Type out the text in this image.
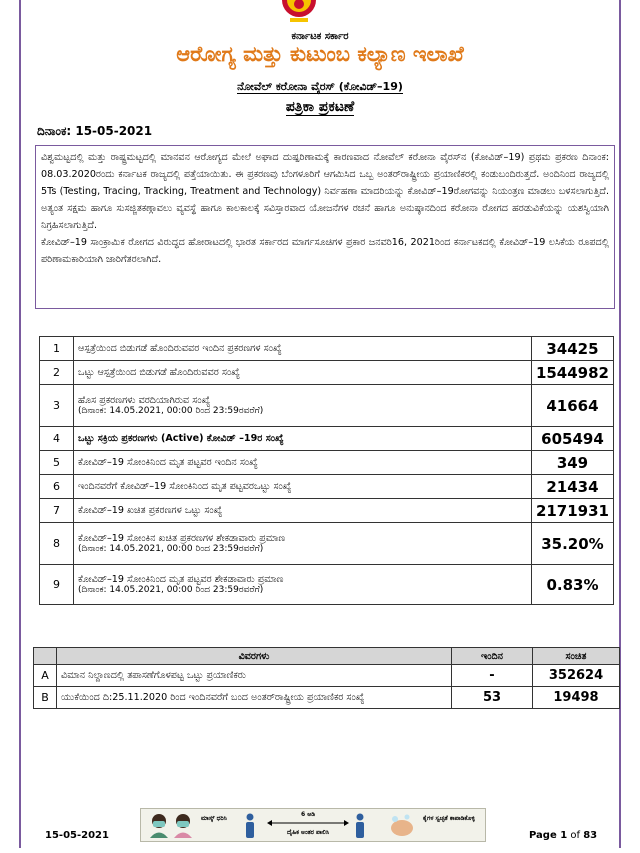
ಕರ್ನಾಟಕ ಸರ್ಕಾರ
ಆರೋಗ್ಯ ಮತ್ತು ಕುಟುಂಬ ಕಲ್ಯಾಣ ಇಲಾಖೆ
ನೋವೆಲ್ ಕರೋನಾ ವೈರಸ್ (ಕೋವಿಡ್–19)
ಪತ್ರಿಕಾ ಪ್ರಕಟಣೆ
ದಿನಾಂಕ: 15-05-2021

ವಿಶ್ವಮಟ್ಟದಲ್ಲಿ ಮತ್ತು ರಾಷ್ಟ್ರಮಟ್ಟದಲ್ಲಿ ಮಾನವನ ಆರೋಗ್ಯದ ಮೇಲೆ ಅಘಾದ ದುಷ್ಪರಿಣಾಮಕ್ಕೆ ಕಾರಣವಾದ ನೋವೆಲ್ ಕರೋನಾ ವೈರಸ್‌ನ (ಕೋವಿಡ್–19) ಪ್ರಥಮ ಪ್ರಕರಣ ದಿನಾಂಕ: 08.03.2020ರಂದು ಕರ್ನಾಟಕ ರಾಜ್ಯದಲ್ಲಿ ಪತ್ತೆಯಾಯಿತು. ಈ ಪ್ರಕರಣವು ಬೆಂಗಳೂರಿಗೆ ಆಗಮಿಸಿದ ಒಬ್ಬ ಅಂತರ್‌ರಾಷ್ಟ್ರೀಯ ಪ್ರಯಾಣಿಕರಲ್ಲಿ ಕಂಡುಬಂದಿರುತ್ತದೆ. ಅಂದಿನಿಂದ ರಾಜ್ಯದಲ್ಲಿ 5Ts (Testing, Tracing, Tracking, Treatment and Technology) ನಿರ್ವಹಣಾ ಮಾದರಿಯನ್ನು ಕೋವಿಡ್–19ರೋಗವನ್ನು ನಿಯಂತ್ರಣ ಮಾಡಲು ಬಳಸಲಾಗುತ್ತಿದೆ. ಅತ್ಯಂತ ಸಕ್ಷಮ ಹಾಗೂ ಸುಸಜ್ಜಿತಕಣ್ಗಾವಲು ವ್ಯವಸ್ಥೆ ಹಾಗೂ ಕಾಲಕಾಲಕ್ಕೆ ಸವಿಸ್ತಾರವಾದ ಯೋಜನೆಗಳ ರಚನೆ ಹಾಗೂ ಅನುಷ್ಠಾನದಿಂದ ಕರೋನಾ ರೋಗದ ಹರಡುವಿಕೆಯನ್ನು ಯಶಸ್ವಿಯಾಗಿ ನಿಗ್ರಹಿಸಲಾಗುತ್ತಿದೆ.

ಕೋವಿಡ್–19 ಸಾಂಕ್ರಾಮಿಕ ರೋಗದ ವಿರುದ್ಧದ ಹೋರಾಟದಲ್ಲಿ ಭಾರತ ಸರ್ಕಾರದ ಮಾರ್ಗಸೂಚಿಗಳ ಪ್ರಕಾರ ಜನವರಿ16, 2021ರಿಂದ ಕರ್ನಾಟಕದಲ್ಲಿ ಕೋವಿಡ್–19 ಲಸಿಕೆಯ ರೂಪದಲ್ಲಿ ಪರಿಣಾಮಕಾರಿಯಾಗಿ ಜಾರಿಗೆತರಲಾಗಿದೆ.

1	ಆಸ್ಪತ್ರೆಯಿಂದ ಬಿಡುಗಡೆ ಹೊಂದಿರುವವರ ಇಂದಿನ ಪ್ರಕರಣಗಳ ಸಂಖ್ಯೆ	34425
2	ಒಟ್ಟು ಆಸ್ಪತ್ರೆಯಿಂದ ಬಿಡುಗಡೆ ಹೊಂದಿರುವವರ ಸಂಖ್ಯೆ	1544982
3	ಹೊಸ ಪ್ರಕರಣಗಳು ವರದಿಯಾಗಿರುವ ಸಂಖ್ಯೆ
(ದಿನಾಂಕ: 14.05.2021, 00:00 ರಿಂದ 23:59ರವರೆಗೆ)	41664
4	ಒಟ್ಟು ಸಕ್ರಿಯ ಪ್ರಕರಣಗಳು (Active) ಕೋವಿಡ್ –19ರ ಸಂಖ್ಯೆ	605494
5	ಕೋವಿಡ್–19 ಸೋಂಕಿನಿಂದ ಮೃತ ಪಟ್ಟವರ ಇಂದಿನ ಸಂಖ್ಯೆ	349
6	ಇಂದಿನವರೆಗೆ ಕೋವಿಡ್–19 ಸೋಂಕಿನಿಂದ ಮೃತ ಪಟ್ಟವರಒಟ್ಟು ಸಂಖ್ಯೆ	21434
7	ಕೋವಿಡ್–19 ಖಚಿತ ಪ್ರಕರಣಗಳ ಒಟ್ಟು ಸಂಖ್ಯೆ	2171931
8	ಕೋವಿಡ್–19 ಸೋಂಕಿನ ಖಚಿತ ಪ್ರಕರಣಗಳ ಶೇಕಡಾವಾರು ಪ್ರಮಾಣ
(ದಿನಾಂಕ: 14.05.2021, 00:00 ರಿಂದ 23:59ರವರೆಗೆ)	35.20%
9	ಕೋವಿಡ್–19 ಸೋಂಕಿನಿಂದ ಮೃತ ಪಟ್ಟವರ ಶೇಕಡಾವಾರು ಪ್ರಮಾಣ
(ದಿನಾಂಕ: 14.05.2021, 00:00 ರಿಂದ 23:59ರವರೆಗೆ)	0.83%
	ವಿವರಗಳು	ಇಂದಿನ	ಸಂಚಿತ
A	ವಿಮಾನ ನಿಲ್ದಾಣದಲ್ಲಿ ತಪಾಸಣೆಗೊಳಪಟ್ಟ ಒಟ್ಟು ಪ್ರಯಾಣಿಕರು	-	352624
B	ಯುಕೆಯಿಂದ ದಿ:25.11.2020 ರಿಂದ ಇಂದಿನವರೆಗೆ ಬಂದ ಅಂತರ್‌ರಾಷ್ಟ್ರೀಯ ಪ್ರಯಾಣಿಕರ ಸಂಖ್ಯೆ	53	19498
ಮಾಸ್ಕ್ ಧರಿಸಿ
6 ಅಡಿ
ದೈಹಿಕ ಅಂತರ ಪಾಲಿಸಿ
ಕೈಗಳ ಸ್ವಚ್ಛತೆ ಕಾಪಾಡಿಕೊಳ್ಳಿ
15-05-2021	Page 1 of 83
